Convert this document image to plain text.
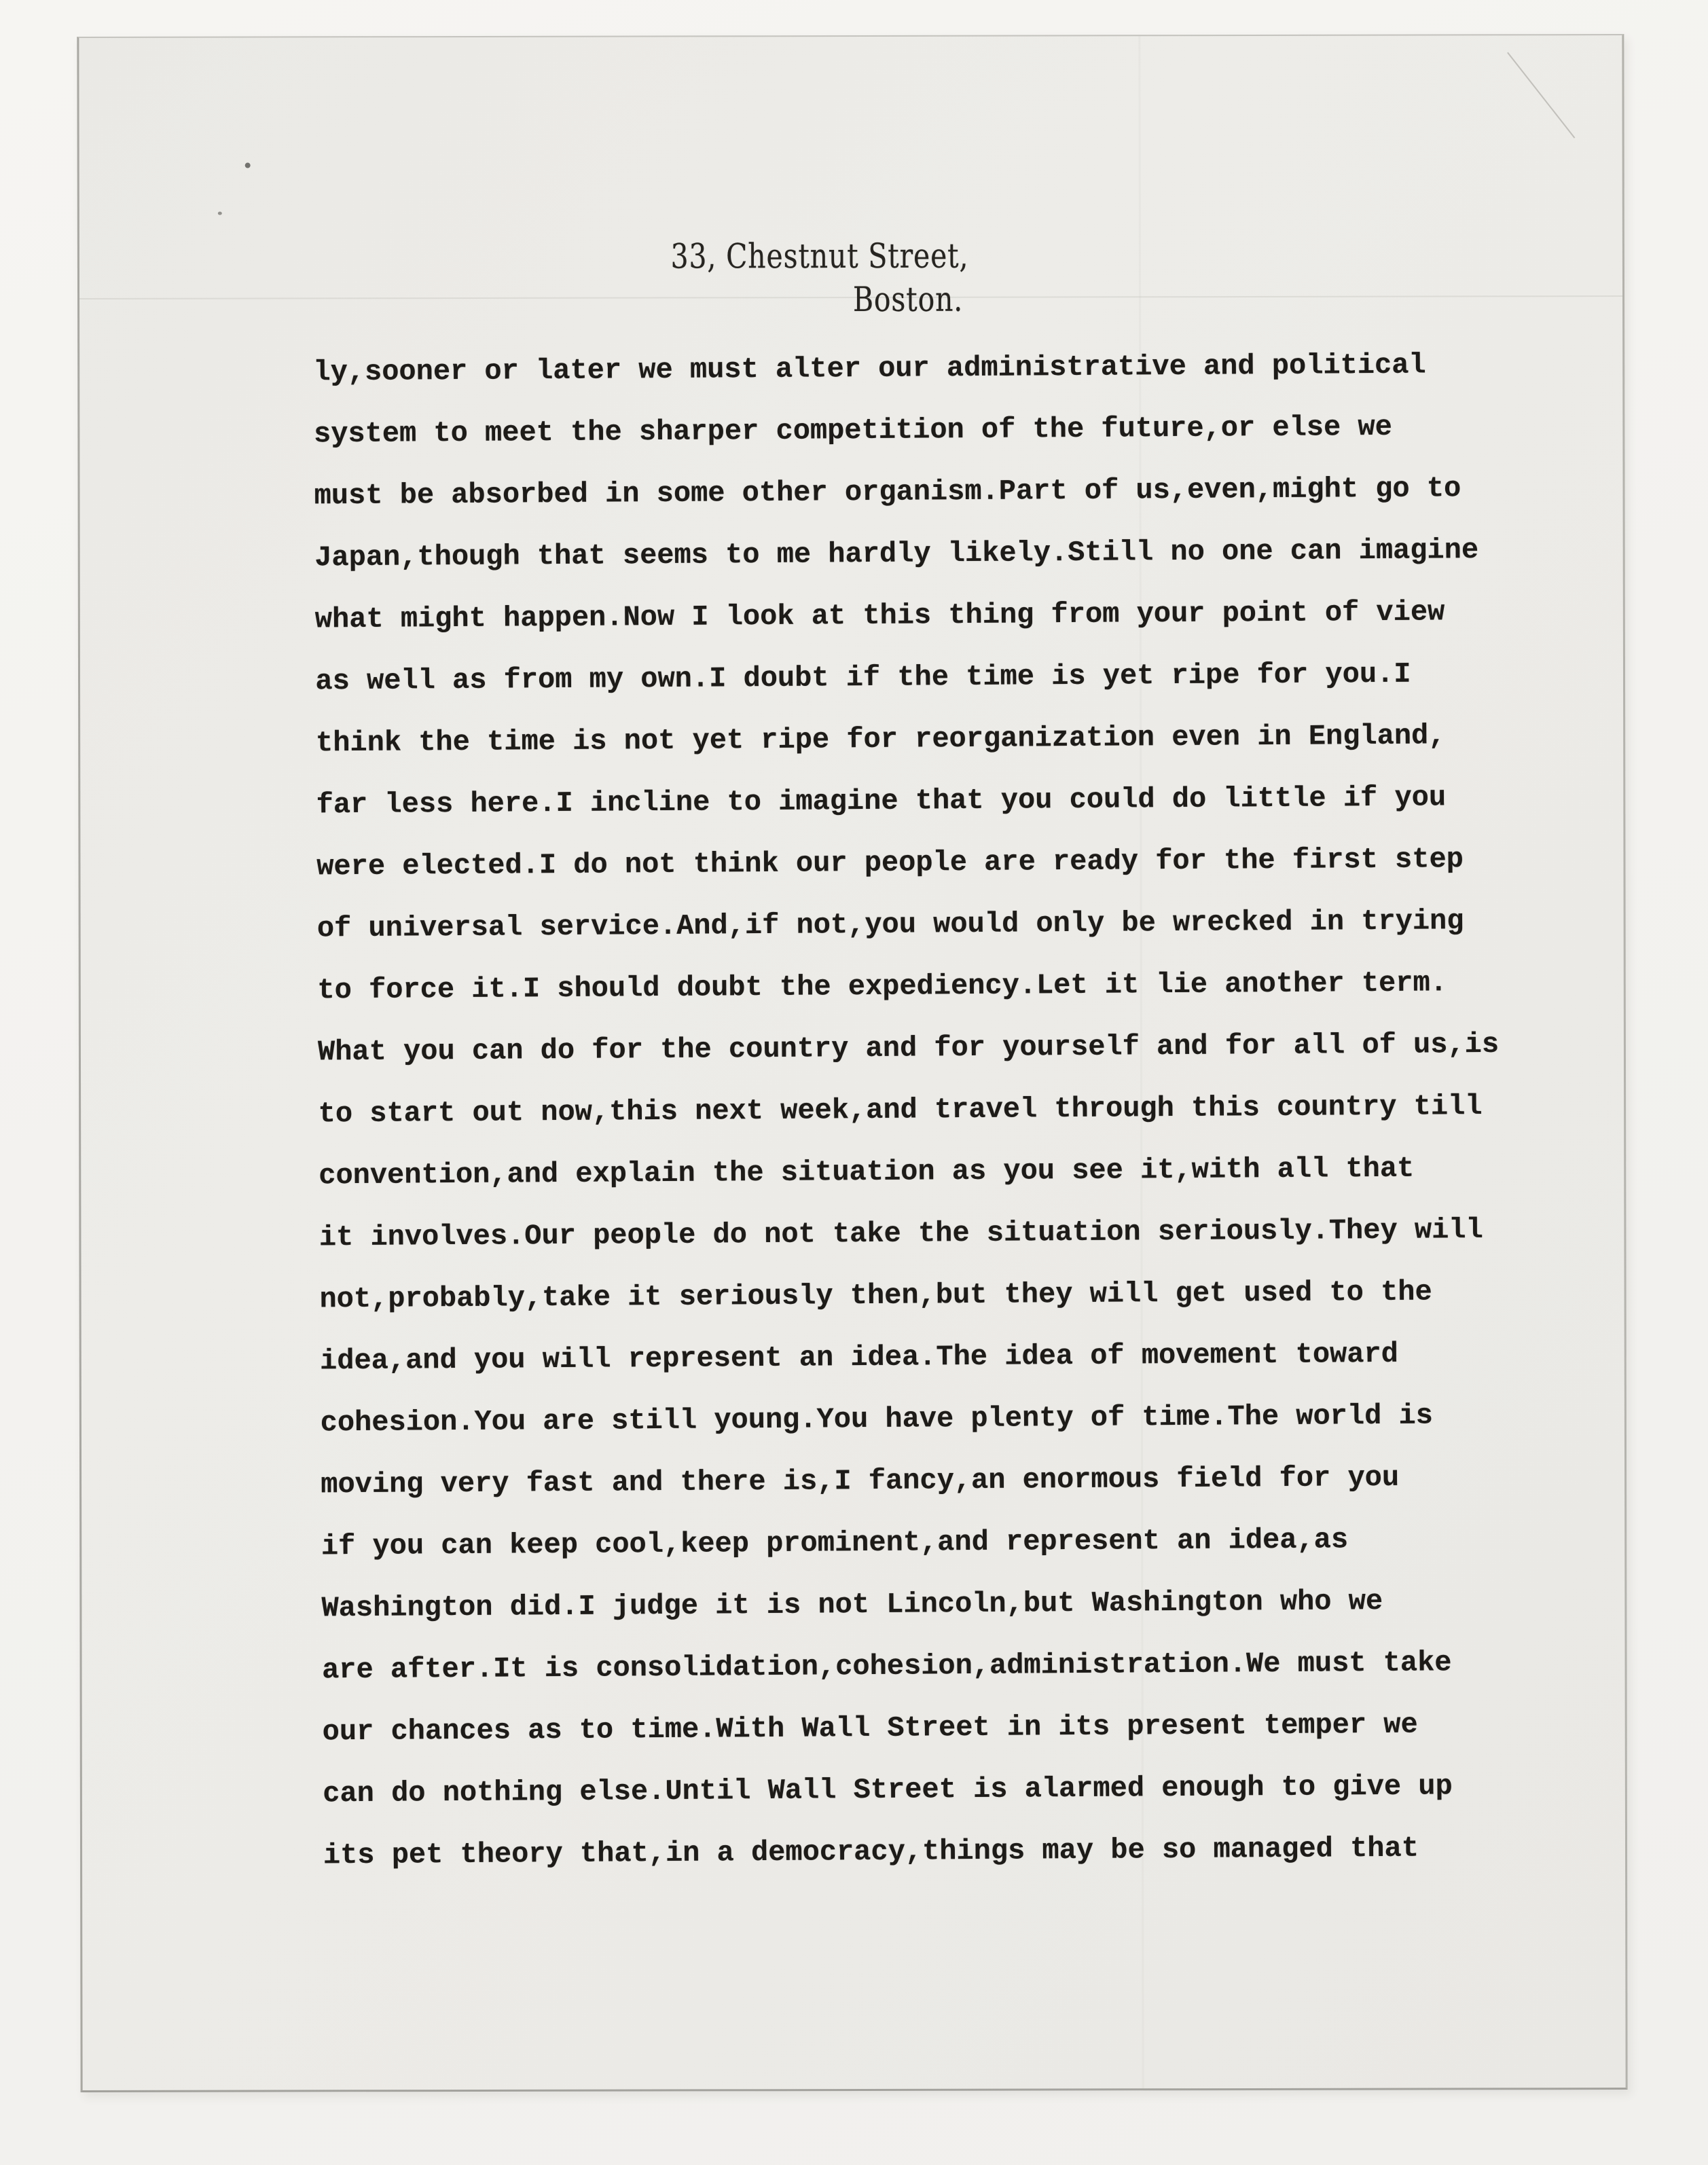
33, Chestnut Street,
Boston.
ly,sooner or later we must alter our administrative and political
system to meet the sharper competition of the future,or else we
must be absorbed in some other organism.Part of us,even,might go to
Japan,though that seems to me hardly likely.Still no one can imagine
what might happen.Now I look at this thing from your point of view
as well as from my own.I doubt if the time is yet ripe for you.I
think the time is not yet ripe for reorganization even in England,
far less here.I incline to imagine that you could do little if you
were elected.I do not think our people are ready for the first step
of universal service.And,if not,you would only be wrecked in trying
to force it.I should doubt the expediency.Let it lie another term.
What you can do for the country and for yourself and for all of us,is
to start out now,this next week,and travel through this country till
convention,and explain the situation as you see it,with all that
it involves.Our people do not take the situation seriously.They will
not,probably,take it seriously then,but they will get used to the
idea,and you will represent an idea.The idea of movement toward
cohesion.You are still young.You have plenty of time.The world is
moving very fast and there is,I fancy,an enormous field for you
if you can keep cool,keep prominent,and represent an idea,as
Washington did.I judge it is not Lincoln,but Washington who we
are after.It is consolidation,cohesion,administration.We must take
our chances as to time.With Wall Street in its present temper we
can do nothing else.Until Wall Street is alarmed enough to give up
its pet theory that,in a democracy,things may be so managed that
